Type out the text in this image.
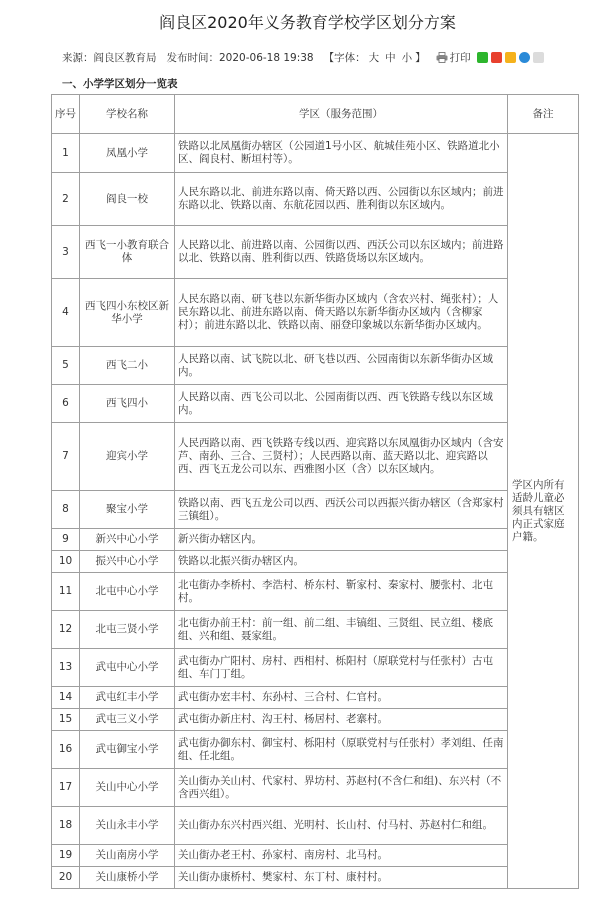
阎良区2020年义务教育学校学区划分方案
来源：阎良区教育局 发布时间：2020-06-18 19:38 【字体： 大 中 小 】 打印
一、小学学区划分一览表
序号	学校名称	学区（服务范围）	备注
1	凤凰小学	铁路以北凤凰街办辖区（公园道1号小区、航城佳苑小区、铁路道北小区、阎良村、断垣村等）。	学区内所有适龄儿童必须具有辖区内正式家庭户籍。
2	阎良一校	人民东路以北、前进东路以南、倚天路以西、公园街以东区域内；前进东路以北、铁路以南、东航花园以西、胜利街以东区域内。	
3	西飞一小教育联合体	人民路以北、前进路以南、公园街以西、西沃公司以东区域内；前进路以北、铁路以南、胜利街以西、铁路货场以东区域内。	
4	西飞四小东校区新华小学	人民东路以南、研飞巷以东新华街办区域内（含农兴村、绳张村）；人民东路以北、前进东路以南、倚天路以东新华街办区域内（含柳家村）；前进东路以北、铁路以南、丽登印象城以东新华街办区域内。	
5	西飞二小	人民路以南、试飞院以北、研飞巷以西、公园南街以东新华街办区域内。	
6	西飞四小	人民路以南、西飞公司以北、公园南街以西、西飞铁路专线以东区域内。	
7	迎宾小学	人民西路以南、西飞铁路专线以西、迎宾路以东凤凰街办区域内（含安芦、南孙、三合、三贤村）；人民西路以南、蓝天路以北、迎宾路以西、西飞五龙公司以东、西雅图小区（含）以东区域内。	
8	聚宝小学	铁路以南、西飞五龙公司以西、西沃公司以西振兴街办辖区（含郑家村三镇组）。	
9	新兴中心小学	新兴街办辖区内。	
10	振兴中心小学	铁路以北振兴街办辖区内。	
11	北屯中心小学	北屯街办李桥村、李浩村、桥东村、靳家村、秦家村、腰张村、北屯村。	
12	北屯三贤小学	北屯街办前王村：前一组、前二组、丰镐组、三贤组、民立组、楼底组、兴和组、聂家组。	
13	武屯中心小学	武屯街办广阳村、房村、西相村、栎阳村（原联党村与任张村）古屯组、车门丁组。	
14	武屯红丰小学	武屯街办宏丰村、东孙村、三合村、仁官村。	
15	武屯三义小学	武屯街办新庄村、沟王村、杨居村、老寨村。	
16	武屯御宝小学	武屯街办御东村、御宝村、栎阳村（原联党村与任张村）孝刘组、任南组、任北组。	
17	关山中心小学	关山街办关山村、代家村、界坊村、苏赵村(不含仁和组)、东兴村（不含西兴组）。	
18	关山永丰小学	关山街办东兴村西兴组、光明村、长山村、付马村、苏赵村仁和组。	
19	关山南房小学	关山街办老王村、孙家村、南房村、北马村。	
20	关山康桥小学	关山街办康桥村、樊家村、东丁村、康村村。	
